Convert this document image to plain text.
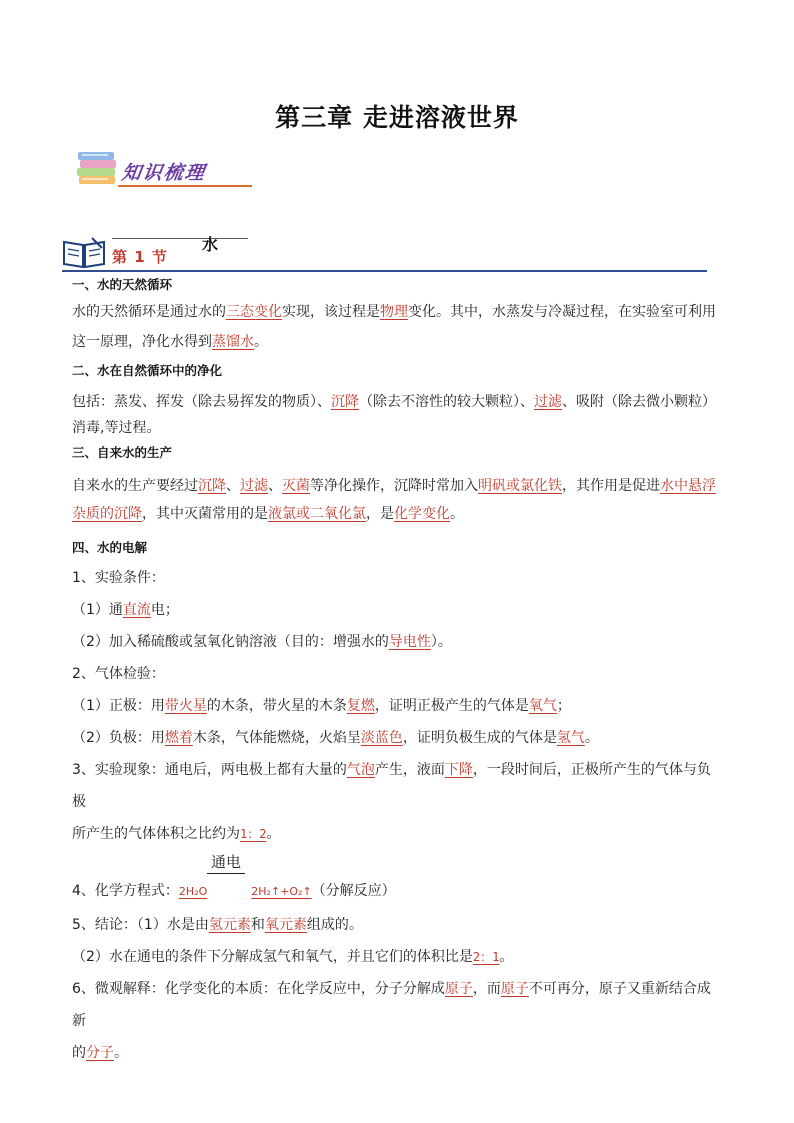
第三章 走进溶液世界
知识梳理
第 1 节
水

一、水的天然循环

水的天然循环是通过水的三态变化实现，该过程是物理变化。其中，水蒸发与冷凝过程，在实验室可利用

这一原理，净化水得到蒸馏水。

二、水在自然循环中的净化

包括：蒸发、挥发（除去易挥发的物质）、沉降（除去不溶性的较大颗粒）、过滤、吸附（除去微小颗粒）

消毒,等过程。

三、自来水的生产

自来水的生产要经过沉降、过滤、灭菌等净化操作，沉降时常加入明矾或氯化铁，其作用是促进水中悬浮

杂质的沉降，其中灭菌常用的是液氯或二氧化氯，是化学变化。

四、水的电解

1、实验条件：

（1）通直流电；

（2）加入稀硫酸或氢氧化钠溶液（目的：增强水的导电性）。

2、气体检验：

（1）正极：用带火星的木条，带火星的木条复燃，证明正极产生的气体是氧气；

（2）负极：用燃着木条，气体能燃烧，火焰呈淡蓝色，证明负极生成的气体是氢气。

3、实验现象：通电后，两电极上都有大量的气泡产生，液面下降，一段时间后，正极所产生的气体与负极

所产生的气体体积之比约为1：2。

通电

4、化学方程式：2H₂O	2H₂↑+O₂↑（分解反应）

5、结论：（1）水是由氢元素和氧元素组成的。

（2）水在通电的条件下分解成氢气和氧气，并且它们的体积比是2：1。

6、微观解释：化学变化的本质：在化学反应中，分子分解成原子，而原子不可再分，原子又重新结合成新

的分子。
